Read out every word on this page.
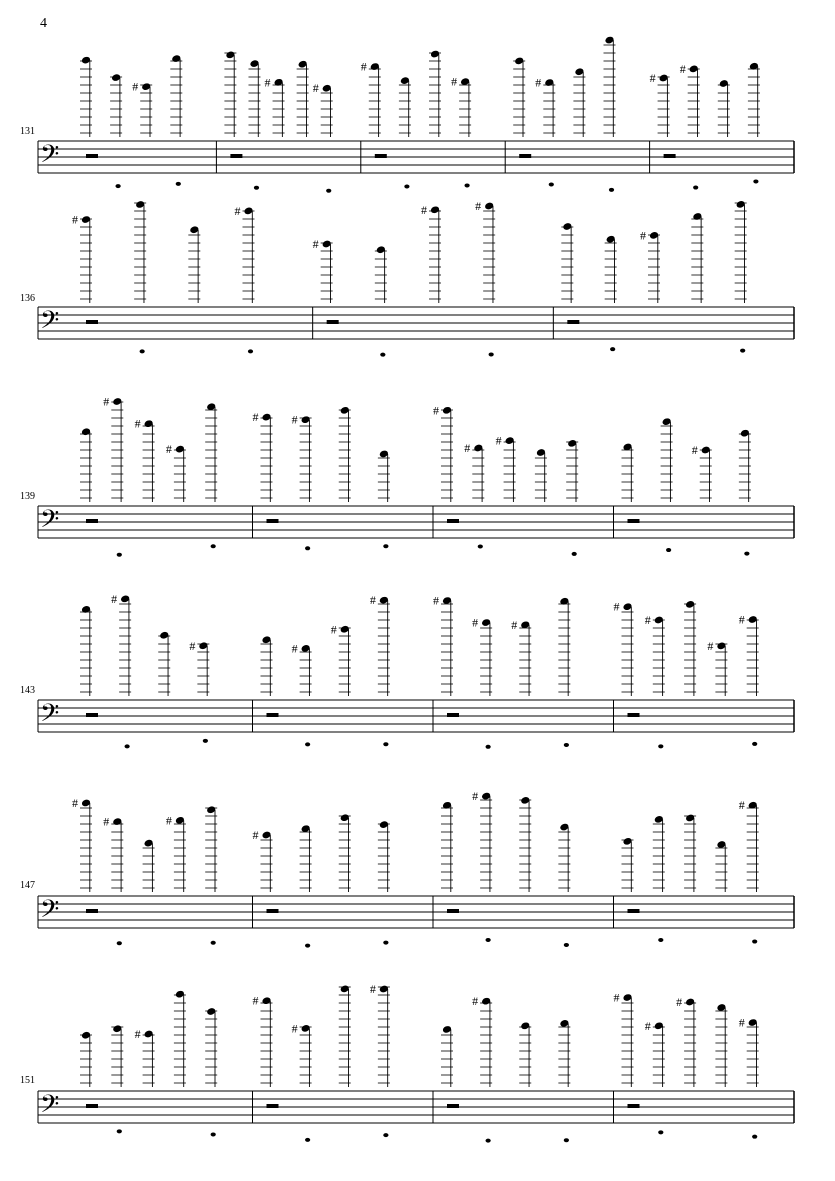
4
131
136
139
143
147
151
𝄢
#	#	#
#
#	#	#
#
𝄢
#
#
#
#	#
#
𝄢
#
#
#
#	#
#
#
#
#
𝄢
#
#	#
#
#	#
#	#
#
#
#
#
𝄢
#
#	#
#
#
#
𝄢
#
#
#
#
#	#
#
#
#
